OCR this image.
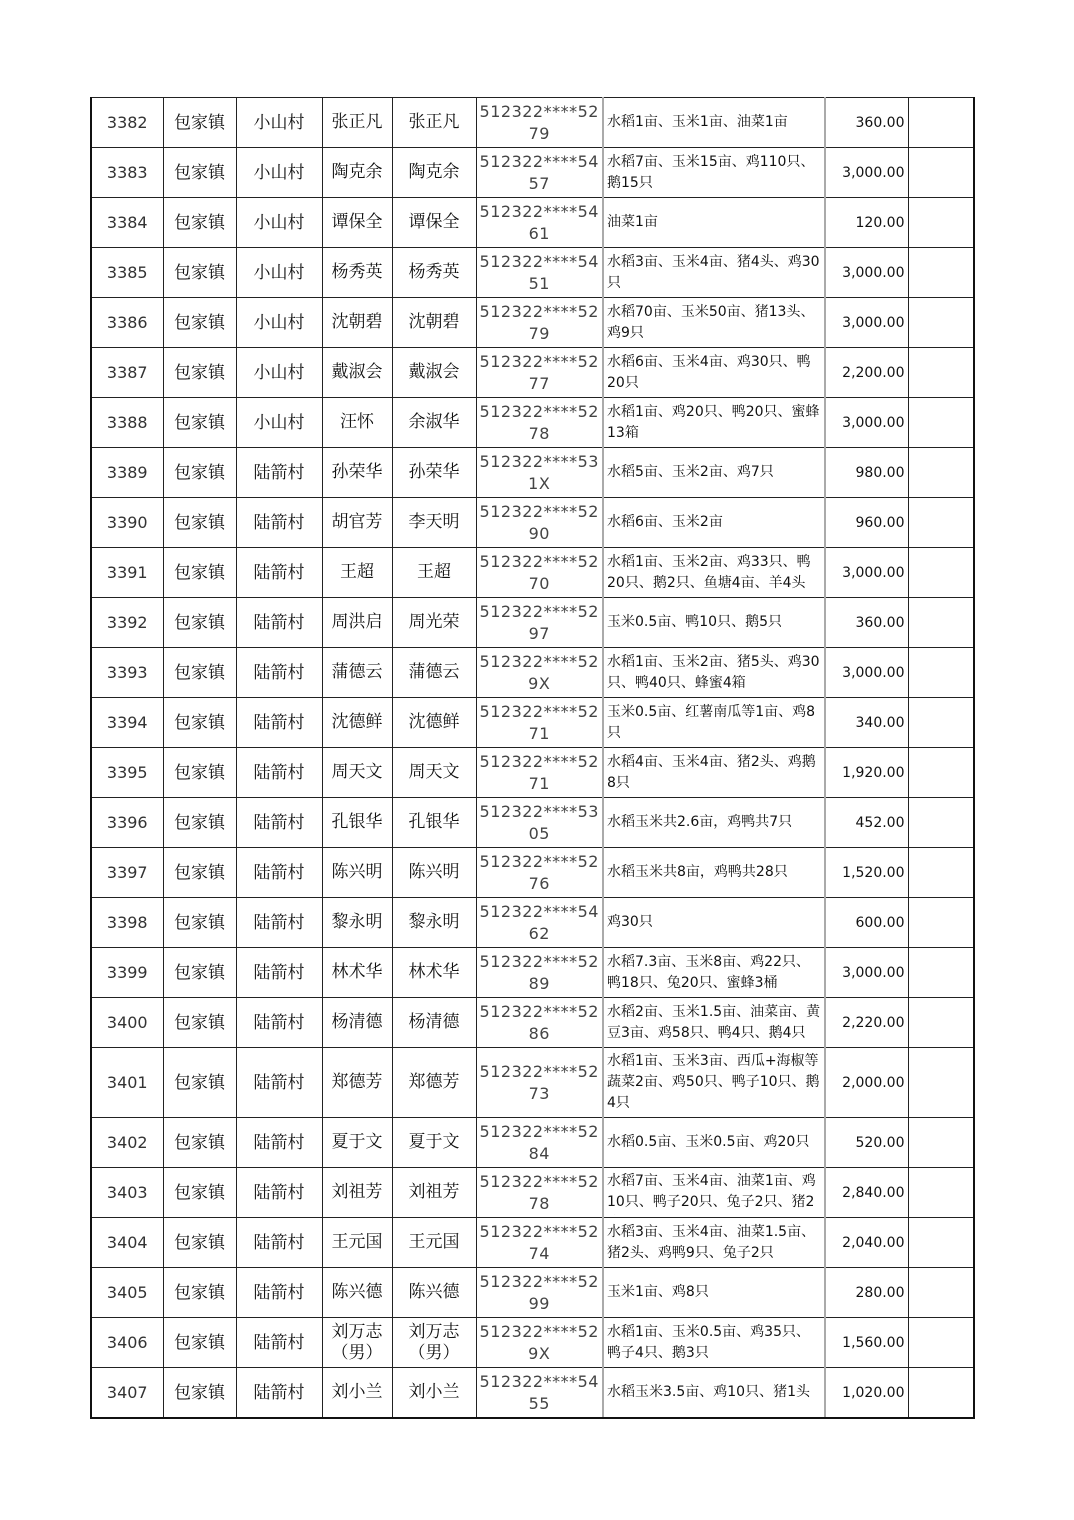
3382	包家镇	小山村	张正凡	张正凡	512322****5279	水稻1亩、玉米1亩、油菜1亩	360.00	
3383	包家镇	小山村	陶克余	陶克余	512322****5457	水稻7亩、玉米15亩、鸡110只、鹅15只	3,000.00	
3384	包家镇	小山村	谭保全	谭保全	512322****5461	油菜1亩	120.00	
3385	包家镇	小山村	杨秀英	杨秀英	512322****5451	水稻3亩、玉米4亩、猪4头、鸡30只	3,000.00	
3386	包家镇	小山村	沈朝碧	沈朝碧	512322****5279	水稻70亩、玉米50亩、猪13头、鸡9只	3,000.00	
3387	包家镇	小山村	戴淑会	戴淑会	512322****5277	水稻6亩、玉米4亩、鸡30只、鸭20只	2,200.00	
3388	包家镇	小山村	汪怀	余淑华	512322****5278	水稻1亩、鸡20只、鸭20只、蜜蜂13箱	3,000.00	
3389	包家镇	陆箭村	孙荣华	孙荣华	512322****531X	水稻5亩、玉米2亩、鸡7只	980.00	
3390	包家镇	陆箭村	胡官芳	李天明	512322****5290	水稻6亩、玉米2亩	960.00	
3391	包家镇	陆箭村	王超	王超	512322****5270	水稻1亩、玉米2亩、鸡33只、鸭20只、鹅2只、鱼塘4亩、羊4头	3,000.00	
3392	包家镇	陆箭村	周洪启	周光荣	512322****5297	玉米0.5亩、鸭10只、鹅5只	360.00	
3393	包家镇	陆箭村	蒲德云	蒲德云	512322****529X	水稻1亩、玉米2亩、猪5头、鸡30只、鸭40只、蜂蜜4箱	3,000.00	
3394	包家镇	陆箭村	沈德鲜	沈德鲜	512322****5271	玉米0.5亩、红薯南瓜等1亩、鸡8只	340.00	
3395	包家镇	陆箭村	周天文	周天文	512322****5271	水稻4亩、玉米4亩、猪2头、鸡鹅8只	1,920.00	
3396	包家镇	陆箭村	孔银华	孔银华	512322****5305	水稻玉米共2.6亩，鸡鸭共7只	452.00	
3397	包家镇	陆箭村	陈兴明	陈兴明	512322****5276	水稻玉米共8亩，鸡鸭共28只	1,520.00	
3398	包家镇	陆箭村	黎永明	黎永明	512322****5462	鸡30只	600.00	
3399	包家镇	陆箭村	林术华	林术华	512322****5289	水稻7.3亩、玉米8亩、鸡22只、鸭18只、兔20只、蜜蜂3桶	3,000.00	
3400	包家镇	陆箭村	杨清德	杨清德	512322****5286	水稻2亩、玉米1.5亩、油菜亩、黄豆3亩、鸡58只、鸭4只、鹅4只	2,220.00	
3401	包家镇	陆箭村	郑德芳	郑德芳	512322****5273	水稻1亩、玉米3亩、西瓜+海椒等蔬菜2亩、鸡50只、鸭子10只、鹅4只	2,000.00	
3402	包家镇	陆箭村	夏于文	夏于文	512322****5284	水稻0.5亩、玉米0.5亩、鸡20只	520.00	
3403	包家镇	陆箭村	刘祖芳	刘祖芳	512322****5278	水稻7亩、玉米4亩、油菜1亩、鸡10只、鸭子20只、兔子2只、猪2	2,840.00	
3404	包家镇	陆箭村	王元国	王元国	512322****5274	水稻3亩、玉米4亩、油菜1.5亩、猪2头、鸡鸭9只、兔子2只	2,040.00	
3405	包家镇	陆箭村	陈兴德	陈兴德	512322****5299	玉米1亩、鸡8只	280.00	
3406	包家镇	陆箭村	刘万志（男）	刘万志（男）	512322****529X	水稻1亩、玉米0.5亩、鸡35只、鸭子4只、鹅3只	1,560.00	
3407	包家镇	陆箭村	刘小兰	刘小兰	512322****5455	水稻玉米3.5亩、鸡10只、猪1头	1,020.00	
